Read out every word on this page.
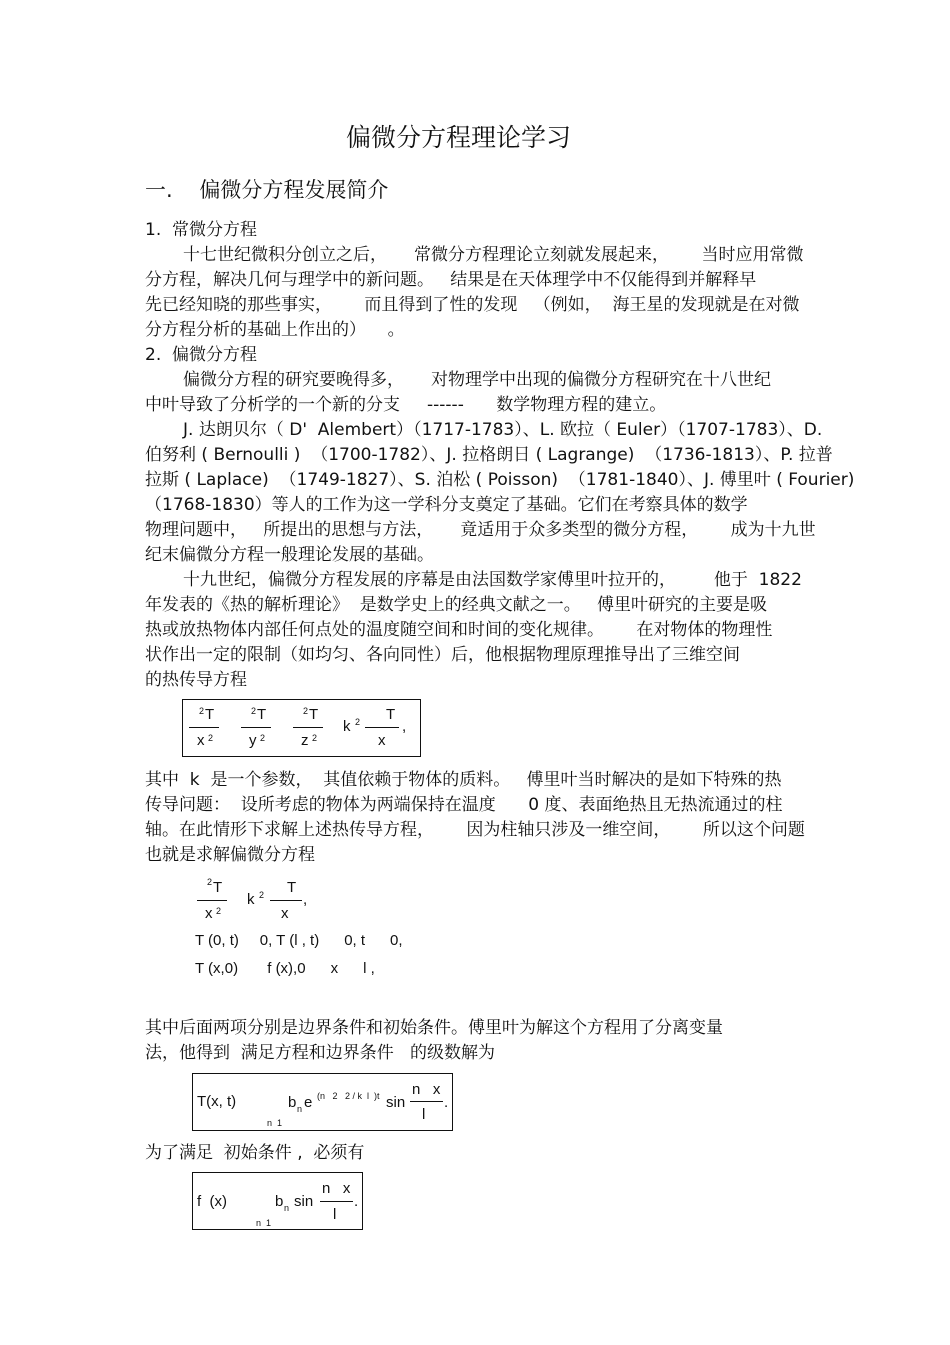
偏微分方程理论学习
一.    偏微分方程发展简介
1.  常微分方程
十七世纪微积分创立之后，     常微分方程理论立刻就发展起来，      当时应用常微
分方程，解决几何与理学中的新问题。   结果是在天体理学中不仅能得到并解释早
先已经知晓的那些事实，      而且得到了性的发现   （例如，  海王星的发现就是在对微
分方程分析的基础上作出的）    。
2.  偏微分方程
偏微分方程的研究要晚得多，     对物理学中出现的偏微分方程研究在十八世纪
中叶导致了分析学的一个新的分支     ------      数学物理方程的建立。
J. 达朗贝尔（ D'  Alembert）（1717-1783）、L. 欧拉（ Euler）（1707-1783）、D.
伯努利 ( Bernoulli )  （1700-1782）、J. 拉格朗日 ( Lagrange)  （1736-1813）、P. 拉普
拉斯 ( Laplace)  （1749-1827）、S. 泊松 ( Poisson)  （1781-1840）、J. 傅里叶 ( Fourier)
（1768-1830）等人的工作为这一学科分支奠定了基础。它们在考察具体的数学
物理问题中，   所提出的思想与方法，     竟适用于众多类型的微分方程，      成为十九世
纪末偏微分方程一般理论发展的基础。
十九世纪，偏微分方程发展的序幕是由法国数学家傅里叶拉开的，       他于  1822
年发表的《热的解析理论》  是数学史上的经典文献之一。   傅里叶研究的主要是吸
热或放热物体内部任何点处的温度随空间和时间的变化规律。      在对物体的物理性
状作出一定的限制（如均匀、各向同性）后，他根据物理原理推导出了三维空间
的热传导方程
2 T
x 2
2 T
y 2
2 T
z 2
k 2 T
x
,
其中  k  是一个参数，  其值依赖于物体的质料。   傅里叶当时解决的是如下特殊的热
传导问题：  设所考虑的物体为两端保持在温度      0 度、表面绝热且无热流通过的柱
轴。在此情形下求解上述热传导方程，      因为柱轴只涉及一维空间，      所以这个问题
也就是求解偏微分方程
2 T
x 2
k 2 T
x
,
T (0, t)     0, T (l , t)      0, t      0,
T (x,0)       f (x),0      x      l ,
其中后面两项分别是边界条件和初始条件。傅里叶为解这个方程用了分离变量
法，他得到  满足方程和边界条件   的级数解为
T(x, t)
n  1
b n e (n   2   2 / k  l  )t sin
n   x
l
.
为了满足  初始条件 ,  必须有
f  (x)
n  1
b n sin
n   x
l
.
